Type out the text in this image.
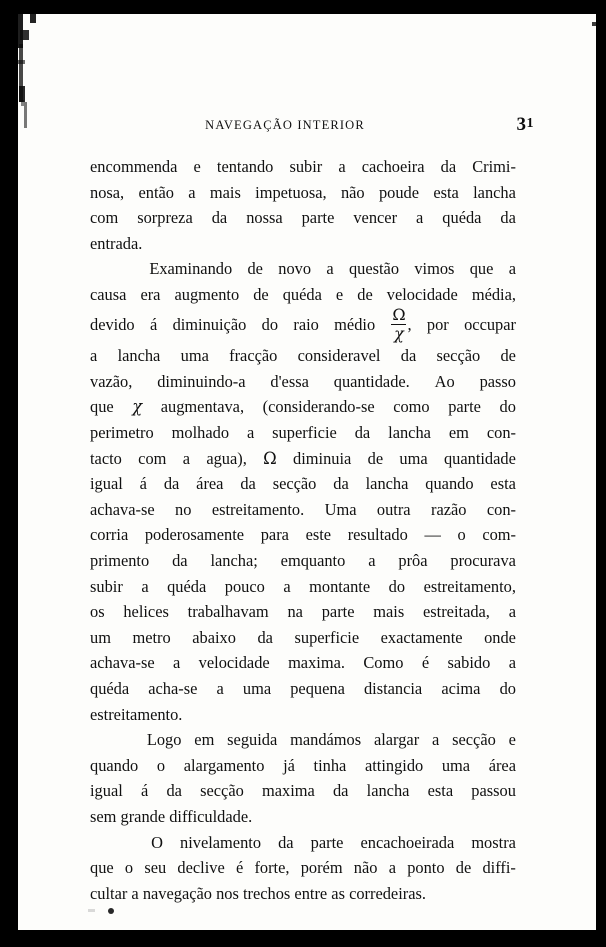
NAVEGAÇÃO INTERIOR	31
encommenda e tentando subir a cachoeira da Crimi-
nosa, então a mais impetuosa, não poude esta lancha
com sorpreza da nossa parte vencer a quéda da
entrada.
Examinando de novo a questão vimos que a
causa era augmento de quéda e de velocidade média,
devido á diminuição do raio médio $\frac{\Omega}{\chi}$ , por occupar
a lancha uma fracção consideravel da secção de
vazão, diminuindo-a d'essa quantidade. Ao passo
que χ augmentava, (considerando-se como parte do
perimetro molhado a superficie da lancha em con-
tacto com a agua), Ω diminuia de uma quantidade
igual á da área da secção da lancha quando esta
achava-se no estreitamento. Uma outra razão con-
corria poderosamente para este resultado — o com-
primento da lancha; emquanto a prôa procurava
subir a quéda pouco a montante do estreitamento,
os helices trabalhavam na parte mais estreitada, a
um metro abaixo da superficie exactamente onde
achava-se a velocidade maxima. Como é sabido a
quéda acha-se a uma pequena distancia acima do
estreitamento.
Logo em seguida mandámos alargar a secção e
quando o alargamento já tinha attingido uma área
igual á da secção maxima da lancha esta passou
sem grande difficuldade.
O nivelamento da parte encachoeirada mostra
que o seu declive é forte, porém não a ponto de diffi-
cultar a navegação nos trechos entre as corredeiras.
